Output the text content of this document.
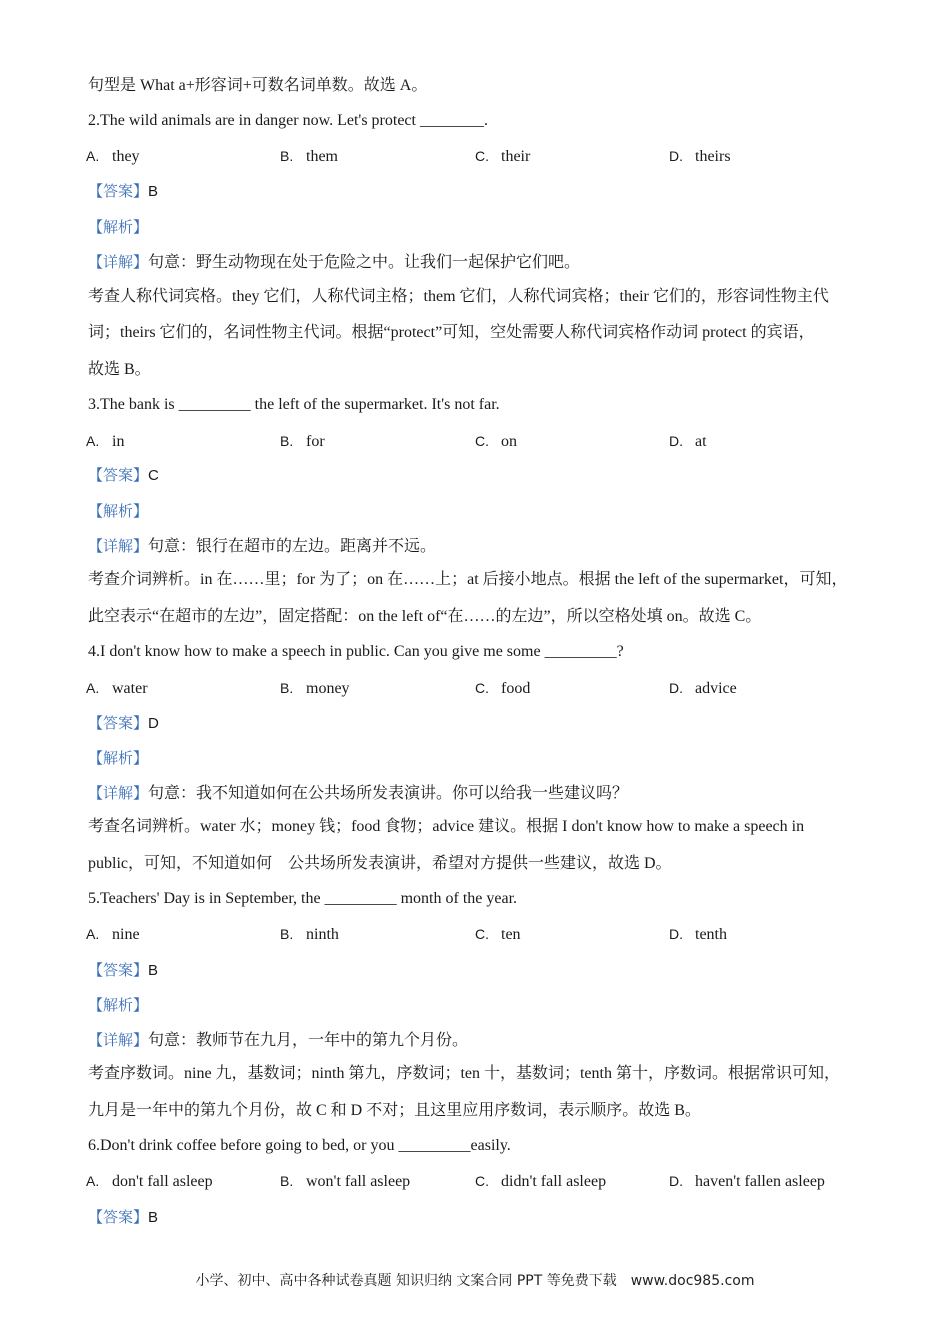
句型是 What a+形容词+可数名词单数。故选 A。
2.The wild animals are in danger now. Let's protect ________.
A. they	B. them	C. their	D. theirs
【答案】B
【解析】
【详解】句意：野生动物现在处于危险之中。让我们一起保护它们吧。
考查人称代词宾格。they 它们，人称代词主格；them 它们，人称代词宾格；their 它们的，形容词性物主代
词；theirs 它们的，名词性物主代词。根据“protect”可知，空处需要人称代词宾格作动词 protect 的宾语，
故选 B。
3.The bank is _________ the left of the supermarket. It's not far.
A. in	B. for	C. on	D. at
【答案】C
【解析】
【详解】句意：银行在超市的左边。距离并不远。
考查介词辨析。in 在……里；for 为了；on 在……上；at 后接小地点。根据 the left of the supermarket，可知，
此空表示“在超市的左边”，固定搭配：on the left of“在……的左边”，所以空格处填 on。故选 C。
4.I don't know how to make a speech in public. Can you give me some _________?
A. water	B. money	C. food	D. advice
【答案】D
【解析】
【详解】句意：我不知道如何在公共场所发表演讲。你可以给我一些建议吗？
考查名词辨析。water 水；money 钱；food 食物；advice 建议。根据 I don't know how to make a speech in
public，可知，不知道如何　公共场所发表演讲，希望对方提供一些建议，故选 D。
5.Teachers' Day is in September, the _________ month of the year.
A. nine	B. ninth	C. ten	D. tenth
【答案】B
【解析】
【详解】句意：教师节在九月，一年中的第九个月份。
考查序数词。nine 九，基数词；ninth 第九，序数词；ten 十，基数词；tenth 第十，序数词。根据常识可知，
九月是一年中的第九个月份，故 C 和 D 不对；且这里应用序数词，表示顺序。故选 B。
6.Don't drink coffee before going to bed, or you _________easily.
A. don't fall asleep	B. won't fall asleep	C. didn't fall asleep	D. haven't fallen asleep
【答案】B
小学、初中、高中各种试卷真题 知识归纳 文案合同 PPT 等免费下载　www.doc985.com
